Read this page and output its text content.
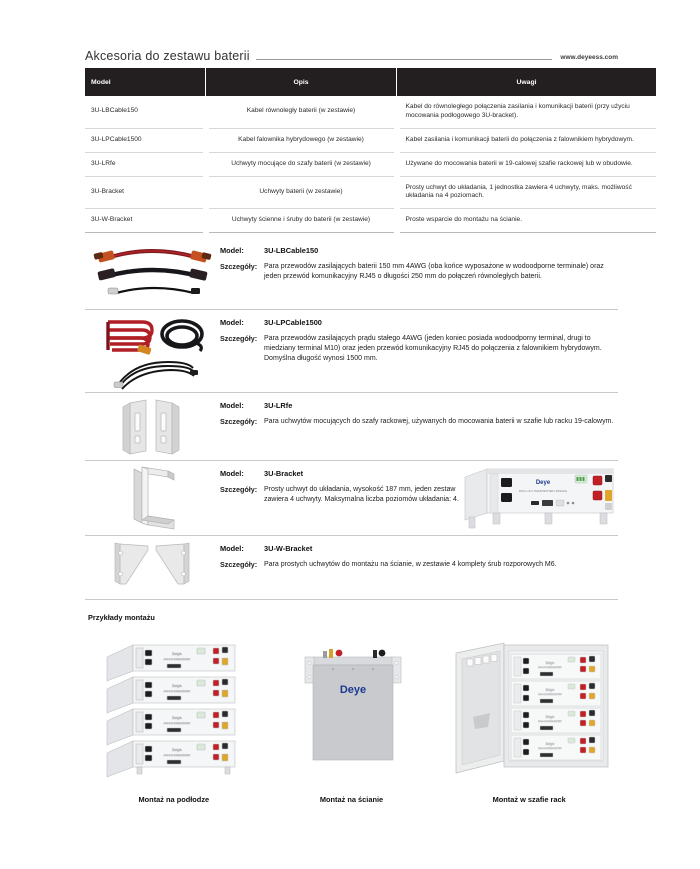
Akcesoria do zestawu baterii	www.deyeess.com
Model	Opis	Uwagi
3U-LBCable150	Kabel równoległy baterii (w zestawie)	Kabel do równoległego połączenia zasilania i komunikacji baterii (przy użyciu mocowania podłogowego 3U-bracket).
3U-LPCable1500	Kabel falownika hybrydowego (w zestawie)	Kabel zasilania i komunikacji baterii do połączenia z falownikiem hybrydowym.
3U-LRfe	Uchwyty mocujące do szafy baterii (w zestawie)	Używane do mocowania baterii w 19-calowej szafie rackowej lub w obudowie.
3U-Bracket	Uchwyty baterii (w zestawie)	Prosty uchwyt do układania, 1 jednostka zawiera 4 uchwyty, maks. możliwość układania na 4 poziomach.
3U-W-Bracket	Uchwyty ścienne i śruby do baterii (w zestawie)	Proste wsparcie do montażu na ścianie.
Model:	3U-LBCable150
Szczegóły: Para przewodów zasilających baterii 150 mm 4AWG (oba końce wyposażone w wodoodporne terminale) oraz jeden przewód komunikacyjny RJ45 o długości 250 mm do połączeń równoległych baterii.
Model:	3U-LPCable1500
Szczegóły: Para przewodów zasilających prądu stałego 4AWG (jeden koniec posiada wodoodporny terminal, drugi to miedziany terminal M10) oraz jeden przewód komunikacyjny RJ45 do połączenia z falownikiem hybrydowym. Domyślna długość wynosi 1500 mm.
Model:	3U-LRfe
Szczegóły: Para uchwytów mocujących do szafy rackowej, używanych do mocowania baterii w szafie lub racku 19-calowym.
Model:	3U-Bracket
Szczegóły: Prosty uchwyt do układania, wysokość 187 mm, jeden zestaw zawiera 4 uchwyty. Maksymalna liczba poziomów układania: 4.
Deye
BOS-G 3U LITHIUM BATTERY MODULE
Model:	3U-W-Bracket
Szczegóły: Para prostych uchwytów do montażu na ścianie, w zestawie 4 komplety śrub rozporowych M6.
Przykłady montażu
Deye
BOS-G 3U LITHIUM BATTERY
Deye
BOS-G 3U LITHIUM BATTERY
Deye
BOS-G 3U LITHIUM BATTERY
Deye
BOS-G 3U LITHIUM BATTERY
Montaż na podłodze
Deye
Montaż na ścianie
Deye
BOS-G 3U LITHIUM BATTERY
Deye
BOS-G 3U LITHIUM BATTERY
Deye
BOS-G 3U LITHIUM BATTERY
Deye
BOS-G 3U LITHIUM BATTERY
Montaż w szafie rack
